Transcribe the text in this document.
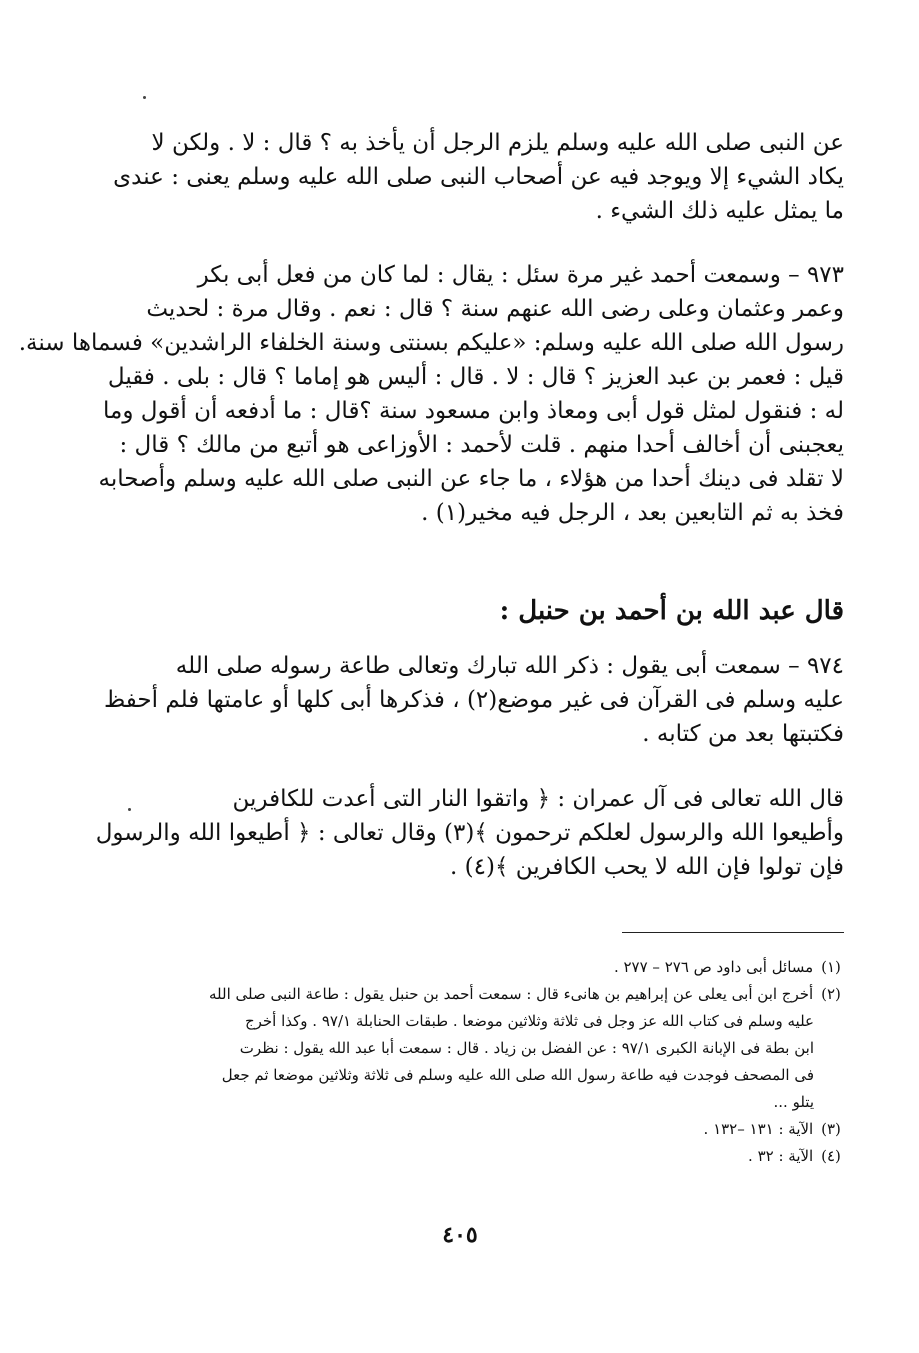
عن النبى صلى الله عليه وسلم يلزم الرجل أن يأخذ به ؟ قال : لا . ولكن لا
يكاد الشيء إلا ويوجد فيه عن أصحاب النبى صلى الله عليه وسلم يعنى : عندى
ما يمثل عليه ذلك الشيء .
٩٧٣ – وسمعت أحمد غير مرة سئل : يقال : لما كان من فعل أبى بكر
وعمر وعثمان وعلى رضى الله عنهم سنة ؟ قال : نعم . وقال مرة : لحديث
رسول الله صلى الله عليه وسلم: «عليكم بسنتى وسنة الخلفاء الراشدين» فسماها سنة.
قيل : فعمر بن عبد العزيز ؟ قال : لا . قال : أليس هو إماما ؟ قال : بلى . فقيل
له : فنقول لمثل قول أبى ومعاذ وابن مسعود سنة ؟قال : ما أدفعه أن أقول وما
يعجبنى أن أخالف أحدا منهم . قلت لأحمد : الأوزاعى هو أتبع من مالك ؟ قال :
لا تقلد فى دينك أحدا من هؤلاء ، ما جاء عن النبى صلى الله عليه وسلم وأصحابه
فخذ به ثم التابعين بعد ، الرجل فيه مخير(١) .
قال عبد الله بن أحمد بن حنبل :
٩٧٤ – سمعت أبى يقول : ذكر الله تبارك وتعالى طاعة رسوله صلى الله
عليه وسلم فى القرآن فى غير موضع(٢) ، فذكرها أبى كلها أو عامتها فلم أحفظ
فكتبتها بعد من كتابه .
قال الله تعالى فى آل عمران : ﴿ واتقوا النار التى أعدت للكافرين
وأطيعوا الله والرسول لعلكم ترحمون ﴾(٣) وقال تعالى : ﴿ أطيعوا الله والرسول
فإن تولوا فإن الله لا يحب الكافرين ﴾(٤) .
(١) مسائل أبى داود ص ٢٧٦ – ٢٧٧ .
(٢) أخرج ابن أبى يعلى عن إبراهيم بن هانىء قال : سمعت أحمد بن حنبل يقول : طاعة النبى صلى الله
عليه وسلم فى كتاب الله عز وجل فى ثلاثة وثلاثين موضعا . طبقات الحنابلة ٩٧/١ . وكذا أخرج
ابن بطة فى الإبانة الكبرى ٩٧/١ : عن الفضل بن زياد . قال : سمعت أبا عبد الله يقول : نظرت
فى المصحف فوجدت فيه طاعة رسول الله صلى الله عليه وسلم فى ثلاثة وثلاثين موضعا ثم جعل
يتلو ...
(٣) الآية : ١٣١ –١٣٢ .
(٤) الآية : ٣٢ .
٤٠٥
